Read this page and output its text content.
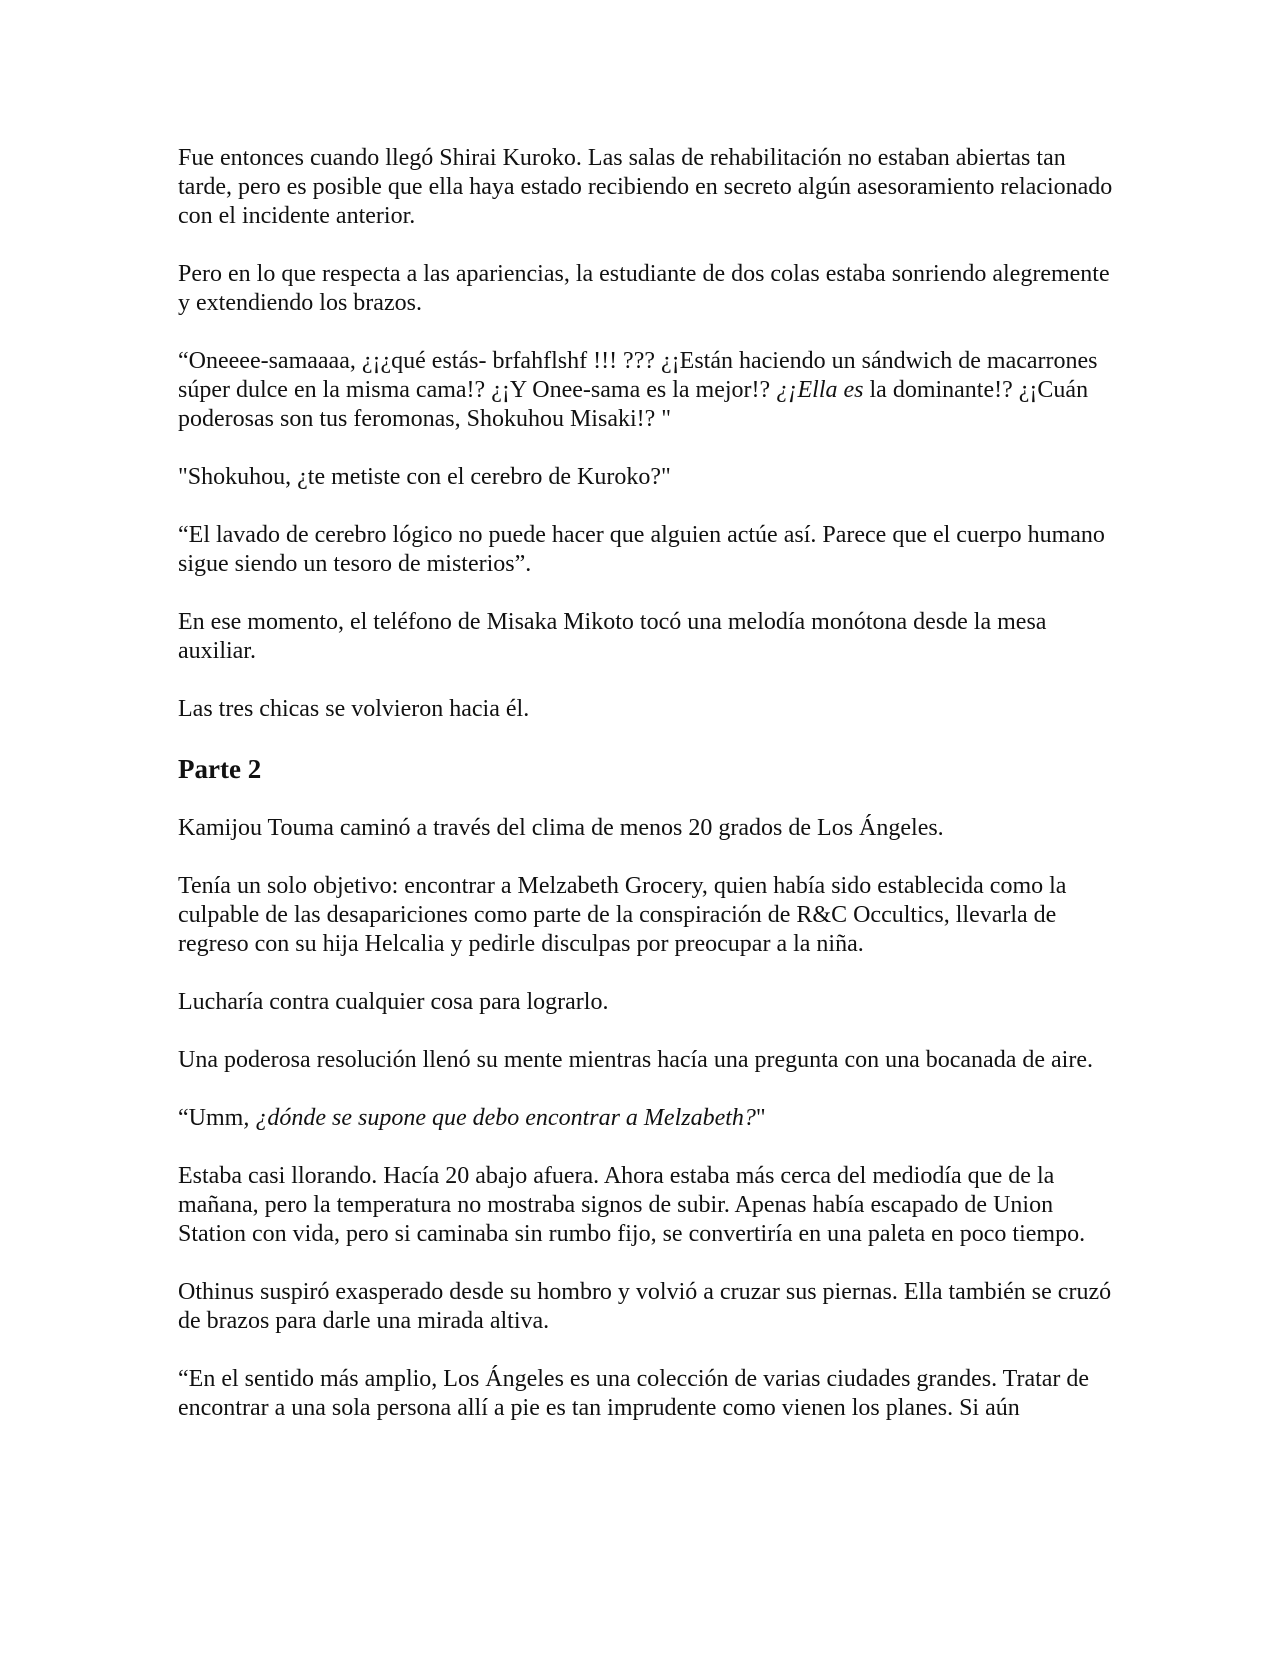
Fue entonces cuando llegó Shirai Kuroko. Las salas de rehabilitación no estaban abiertas tan tarde, pero es posible que ella haya estado recibiendo en secreto algún asesoramiento relacionado con el incidente anterior.

Pero en lo que respecta a las apariencias, la estudiante de dos colas estaba sonriendo alegremente y extendiendo los brazos.

“Oneeee-samaaaa, ¿¡¿qué estás- brfahflshf !!! ??? ¿¡Están haciendo un sándwich de macarrones súper dulce en la misma cama!? ¿¡Y Onee-sama es la mejor!? ¿¡Ella es la dominante!? ¿¡Cuán poderosas son tus feromonas, Shokuhou Misaki!? "

"Shokuhou, ¿te metiste con el cerebro de Kuroko?"

“El lavado de cerebro lógico no puede hacer que alguien actúe así. Parece que el cuerpo humano sigue siendo un tesoro de misterios”.

En ese momento, el teléfono de Misaka Mikoto tocó una melodía monótona desde la mesa auxiliar.

Las tres chicas se volvieron hacia él.

Parte 2

Kamijou Touma caminó a través del clima de menos 20 grados de Los Ángeles.

Tenía un solo objetivo: encontrar a Melzabeth Grocery, quien había sido establecida como la culpable de las desapariciones como parte de la conspiración de R&C Occultics, llevarla de regreso con su hija Helcalia y pedirle disculpas por preocupar a la niña.

Lucharía contra cualquier cosa para lograrlo.

Una poderosa resolución llenó su mente mientras hacía una pregunta con una bocanada de aire.

“Umm, ¿dónde se supone que debo encontrar a Melzabeth?"

Estaba casi llorando. Hacía 20 abajo afuera. Ahora estaba más cerca del mediodía que de la mañana, pero la temperatura no mostraba signos de subir. Apenas había escapado de Union Station con vida, pero si caminaba sin rumbo fijo, se convertiría en una paleta en poco tiempo.

Othinus suspiró exasperado desde su hombro y volvió a cruzar sus piernas. Ella también se cruzó de brazos para darle una mirada altiva.

“En el sentido más amplio, Los Ángeles es una colección de varias ciudades grandes. Tratar de encontrar a una sola persona allí a pie es tan imprudente como vienen los planes. Si aún
